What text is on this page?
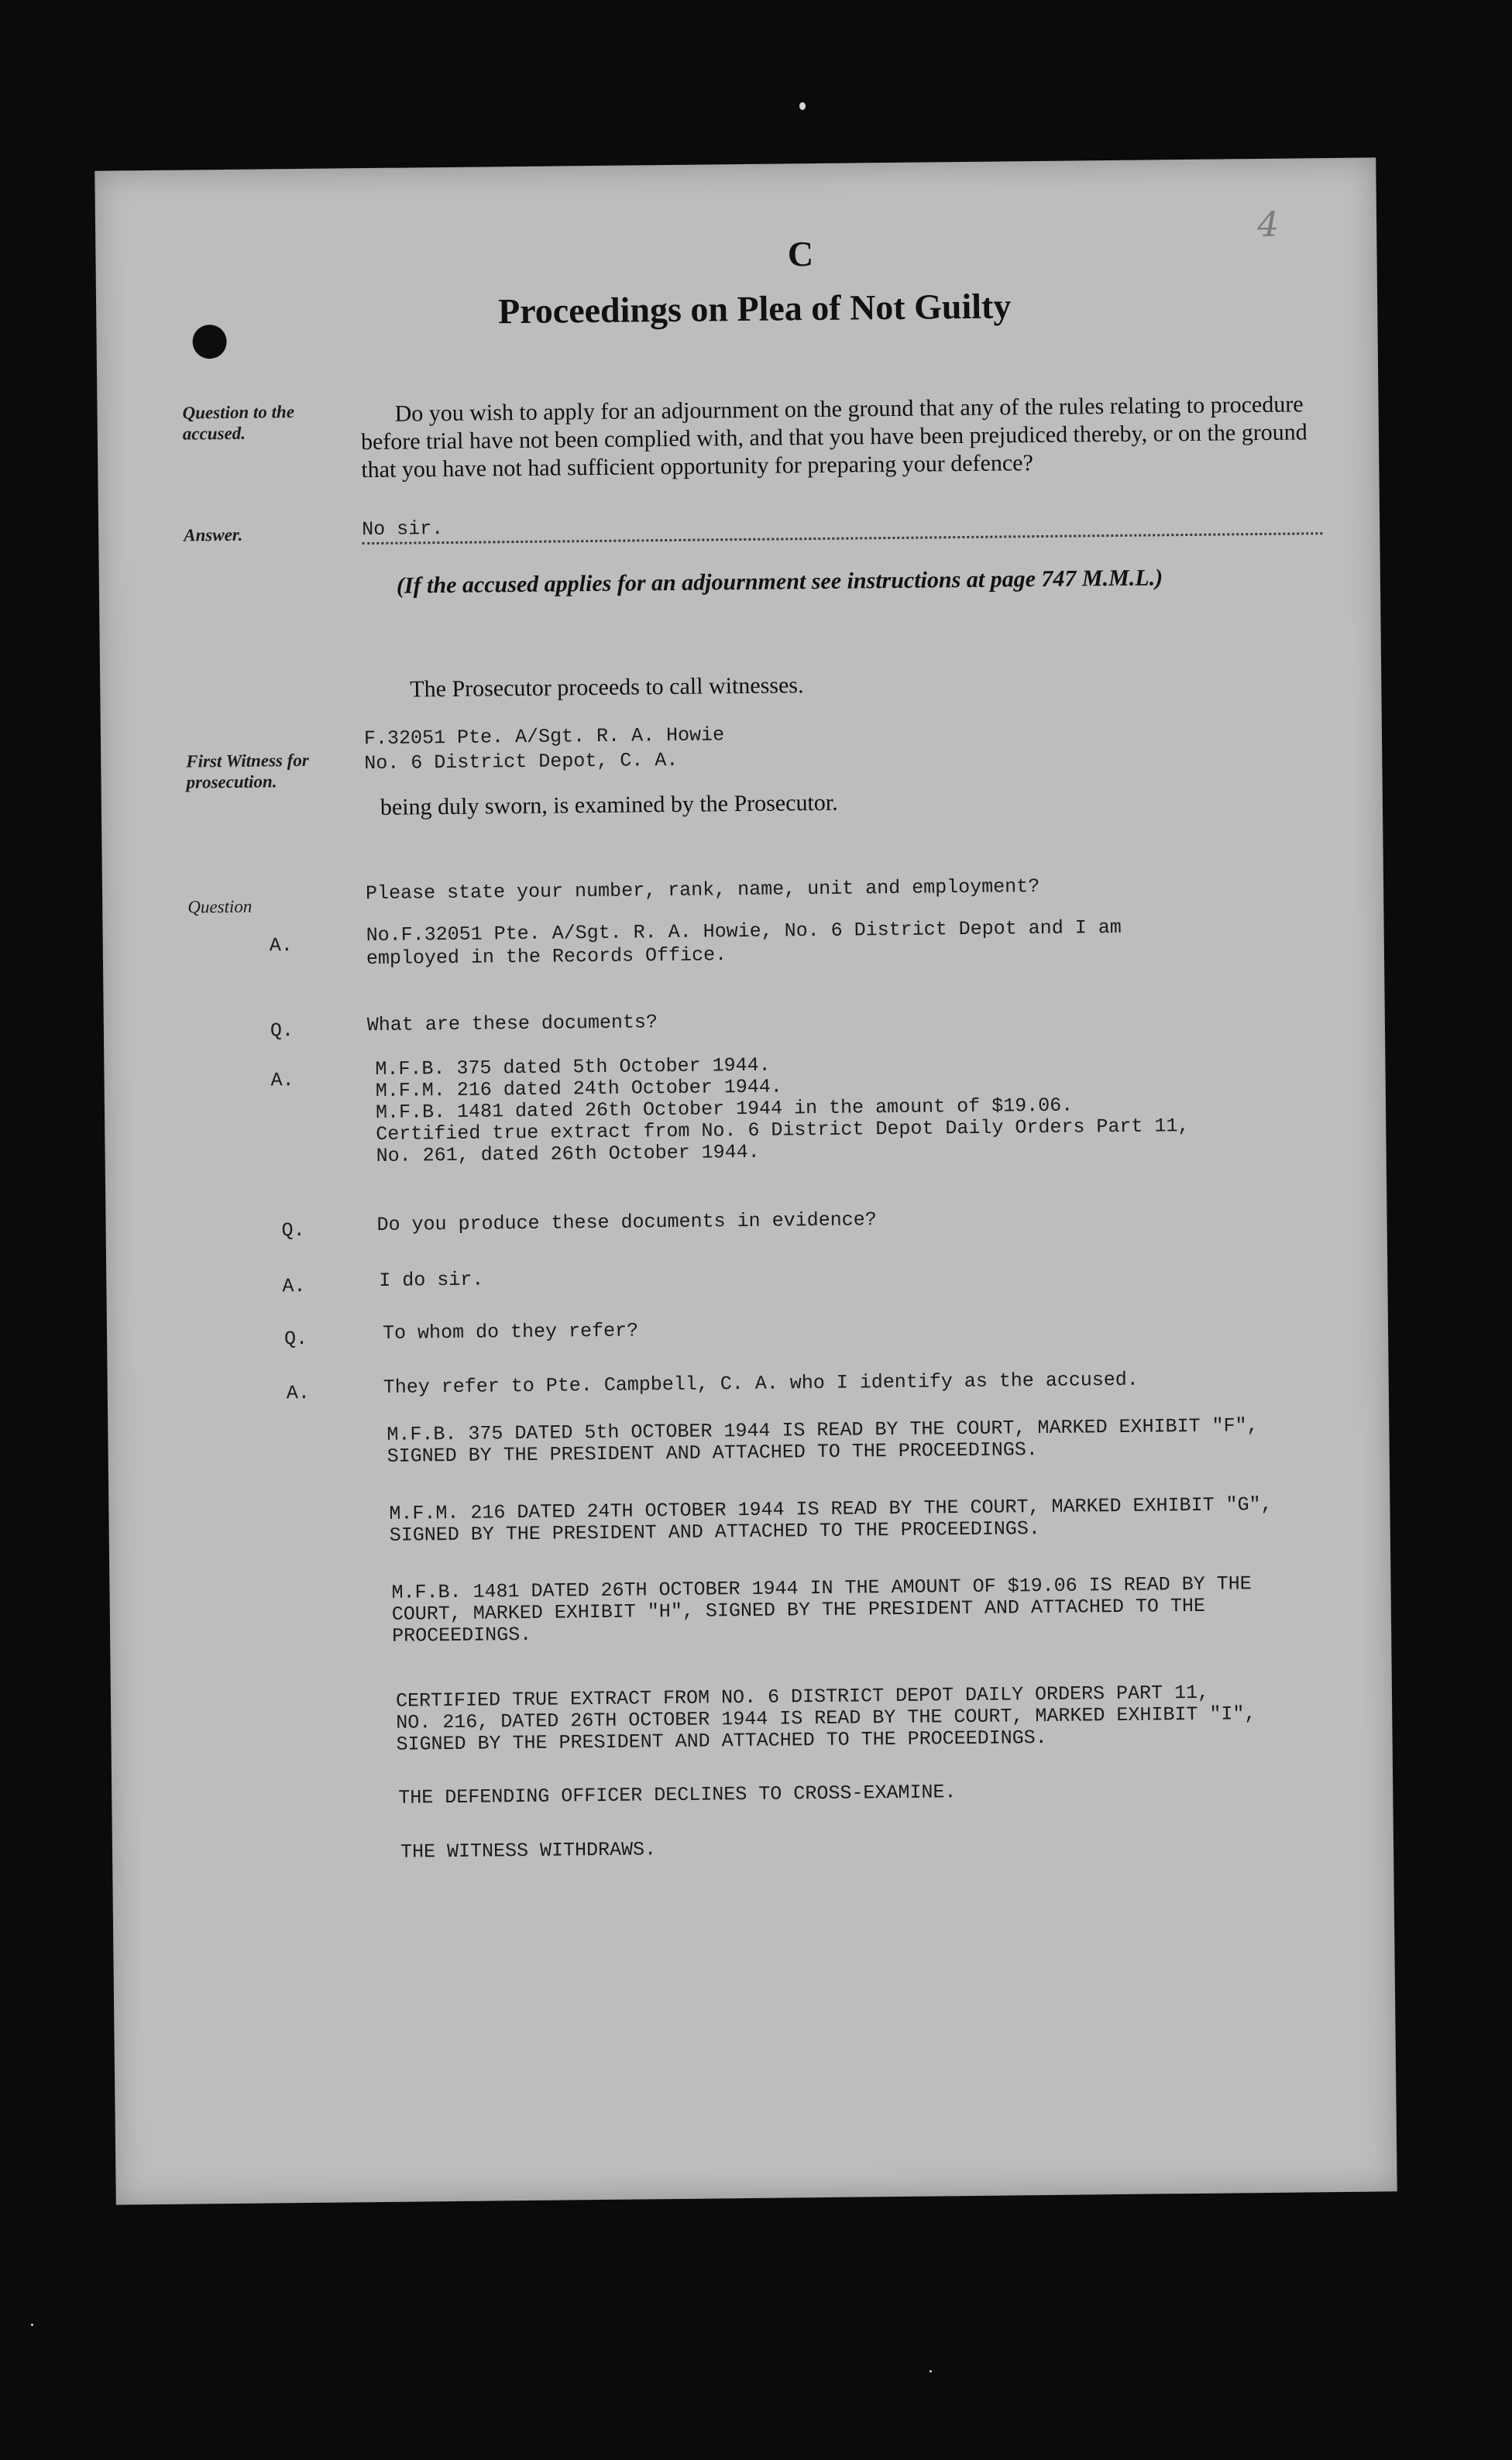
4
C
Proceedings on Plea of Not Guilty
Question to the accused.
Do you wish to apply for an adjournment on the ground that any of the rules relating to procedure before trial have not been complied with, and that you have been prejudiced thereby, or on the ground that you have not had sufficient opportunity for preparing your defence?
Answer.	No sir.
(If the accused applies for an adjournment see instructions at page 747 M.M.L.)
The Prosecutor proceeds to call witnesses.
First Witness for prosecution.
F.32051 Pte. A/Sgt. R. A. Howie
No. 6 District Depot, C. A.
being duly sworn, is examined by the Prosecutor.
Question
Please state your number, rank, name, unit and employment?
A.	No.F.32051 Pte. A/Sgt. R. A. Howie, No. 6 District Depot and I am
employed in the Records Office.
Q.	What are these documents?
A.	M.F.B. 375 dated 5th October 1944.
M.F.M. 216 dated 24th October 1944.
M.F.B. 1481 dated 26th October 1944 in the amount of $19.06.
Certified true extract from No. 6 District Depot Daily Orders Part 11,
No. 261, dated 26th October 1944.
Q.	Do you produce these documents in evidence?
A.	I do sir.
Q.	To whom do they refer?
A.	They refer to Pte. Campbell, C. A. who I identify as the accused.
M.F.B. 375 DATED 5th OCTOBER 1944 IS READ BY THE COURT, MARKED EXHIBIT "F",
SIGNED BY THE PRESIDENT AND ATTACHED TO THE PROCEEDINGS.
M.F.M. 216 DATED 24TH OCTOBER 1944 IS READ BY THE COURT, MARKED EXHIBIT "G",
SIGNED BY THE PRESIDENT AND ATTACHED TO THE PROCEEDINGS.
M.F.B. 1481 DATED 26TH OCTOBER 1944 IN THE AMOUNT OF $19.06 IS READ BY THE
COURT, MARKED EXHIBIT "H", SIGNED BY THE PRESIDENT AND ATTACHED TO THE
PROCEEDINGS.
CERTIFIED TRUE EXTRACT FROM NO. 6 DISTRICT DEPOT DAILY ORDERS PART 11,
NO. 216, DATED 26TH OCTOBER 1944 IS READ BY THE COURT, MARKED EXHIBIT "I",
SIGNED BY THE PRESIDENT AND ATTACHED TO THE PROCEEDINGS.
THE DEFENDING OFFICER DECLINES TO CROSS-EXAMINE.
THE WITNESS WITHDRAWS.
